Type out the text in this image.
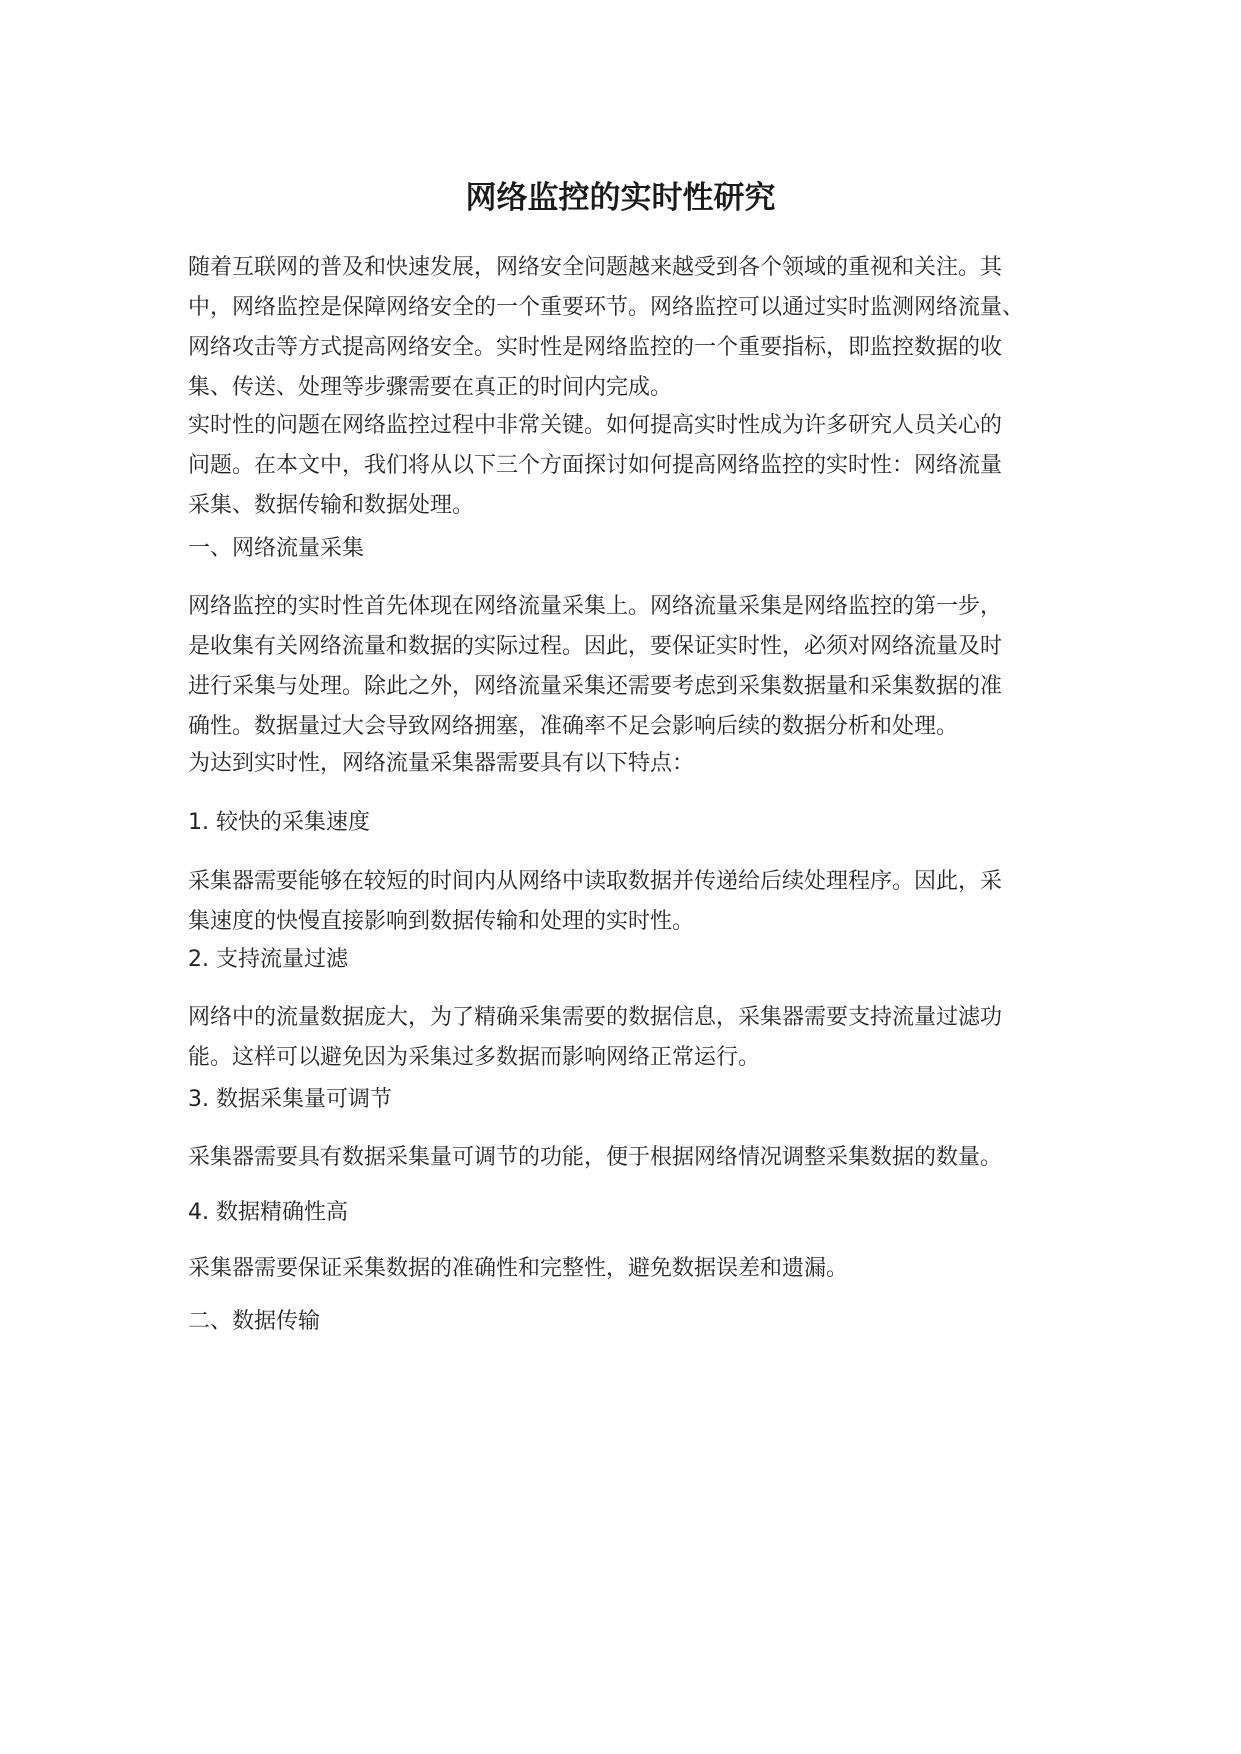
网络监控的实时性研究

随着互联网的普及和快速发展，网络安全问题越来越受到各个领域的重视和关注。其
中，网络监控是保障网络安全的一个重要环节。网络监控可以通过实时监测网络流量、
网络攻击等方式提高网络安全。实时性是网络监控的一个重要指标，即监控数据的收
集、传送、处理等步骤需要在真正的时间内完成。

实时性的问题在网络监控过程中非常关键。如何提高实时性成为许多研究人员关心的
问题。在本文中，我们将从以下三个方面探讨如何提高网络监控的实时性：网络流量
采集、数据传输和数据处理。

一、网络流量采集

网络监控的实时性首先体现在网络流量采集上。网络流量采集是网络监控的第一步，
是收集有关网络流量和数据的实际过程。因此，要保证实时性，必须对网络流量及时
进行采集与处理。除此之外，网络流量采集还需要考虑到采集数据量和采集数据的准
确性。数据量过大会导致网络拥塞，准确率不足会影响后续的数据分析和处理。

为达到实时性，网络流量采集器需要具有以下特点：

1. 较快的采集速度

采集器需要能够在较短的时间内从网络中读取数据并传递给后续处理程序。因此，采
集速度的快慢直接影响到数据传输和处理的实时性。

2. 支持流量过滤

网络中的流量数据庞大，为了精确采集需要的数据信息，采集器需要支持流量过滤功
能。这样可以避免因为采集过多数据而影响网络正常运行。

3. 数据采集量可调节

采集器需要具有数据采集量可调节的功能，便于根据网络情况调整采集数据的数量。

4. 数据精确性高

采集器需要保证采集数据的准确性和完整性，避免数据误差和遗漏。

二、数据传输
